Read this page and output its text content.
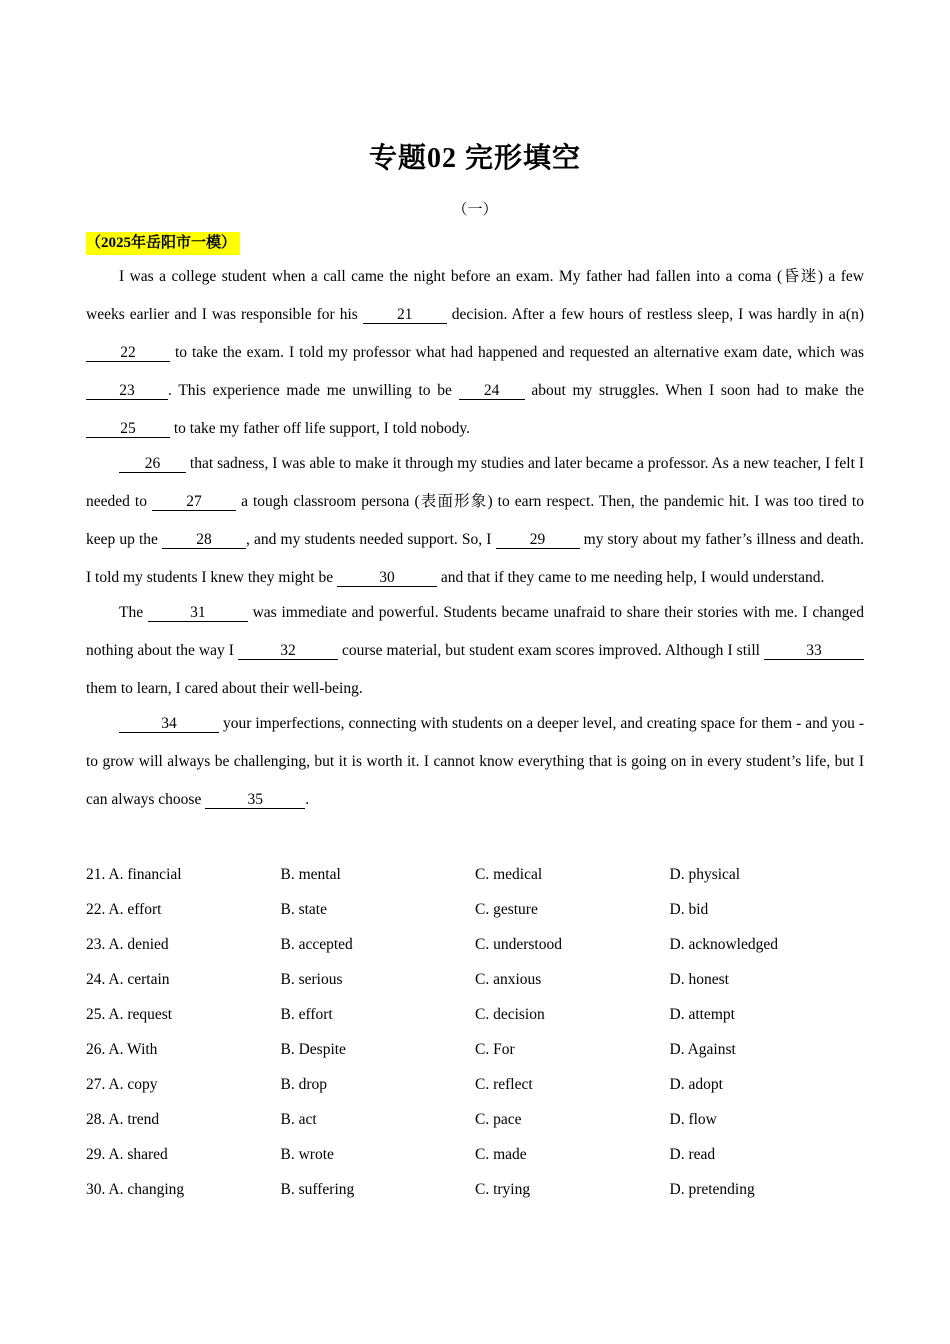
专题02 完形填空
（一）
（2025年岳阳市一模）

I was a college student when a call came the night before an exam. My father had fallen into a coma (昏迷) a few weeks earlier and I was responsible for his 21 decision. After a few hours of restless sleep, I was hardly in a(n) 22 to take the exam. I told my professor what had happened and requested an alternative exam date, which was 23 . This experience made me unwilling to be 24 about my struggles. When I soon had to make the 25 to take my father off life support, I told nobody.

26 that sadness, I was able to make it through my studies and later became a professor. As a new teacher, I felt I needed to 27 a tough classroom persona (表面形象) to earn respect. Then, the pandemic hit. I was too tired to keep up the 28 , and my students needed support. So, I 29 my story about my father’s illness and death. I told my students I knew they might be	30	and that if they came to me needing help, I would understand.

The	31	was immediate and powerful. Students became unafraid to share their stories with me. I changed nothing about the way I	32	course material, but student exam scores improved. Although I still	33 them to learn, I cared about their well-being.

34	your imperfections, connecting with students on a deeper level, and creating space for them - and you - to grow will always be challenging, but it is worth it. I cannot know everything that is going on in every student’s life, but I can always choose	35	.

21. A. financial	B. mental	C. medical	D. physical
22. A. effort	B. state	C. gesture	D. bid
23. A. denied	B. accepted	C. understood	D. acknowledged
24. A. certain	B. serious	C. anxious	D. honest
25. A. request	B. effort	C. decision	D. attempt
26. A. With	B. Despite	C. For	D. Against
27. A. copy	B. drop	C. reflect	D. adopt
28. A. trend	B. act	C. pace	D. flow
29. A. shared	B. wrote	C. made	D. read
30. A. changing	B. suffering	C. trying	D. pretending
